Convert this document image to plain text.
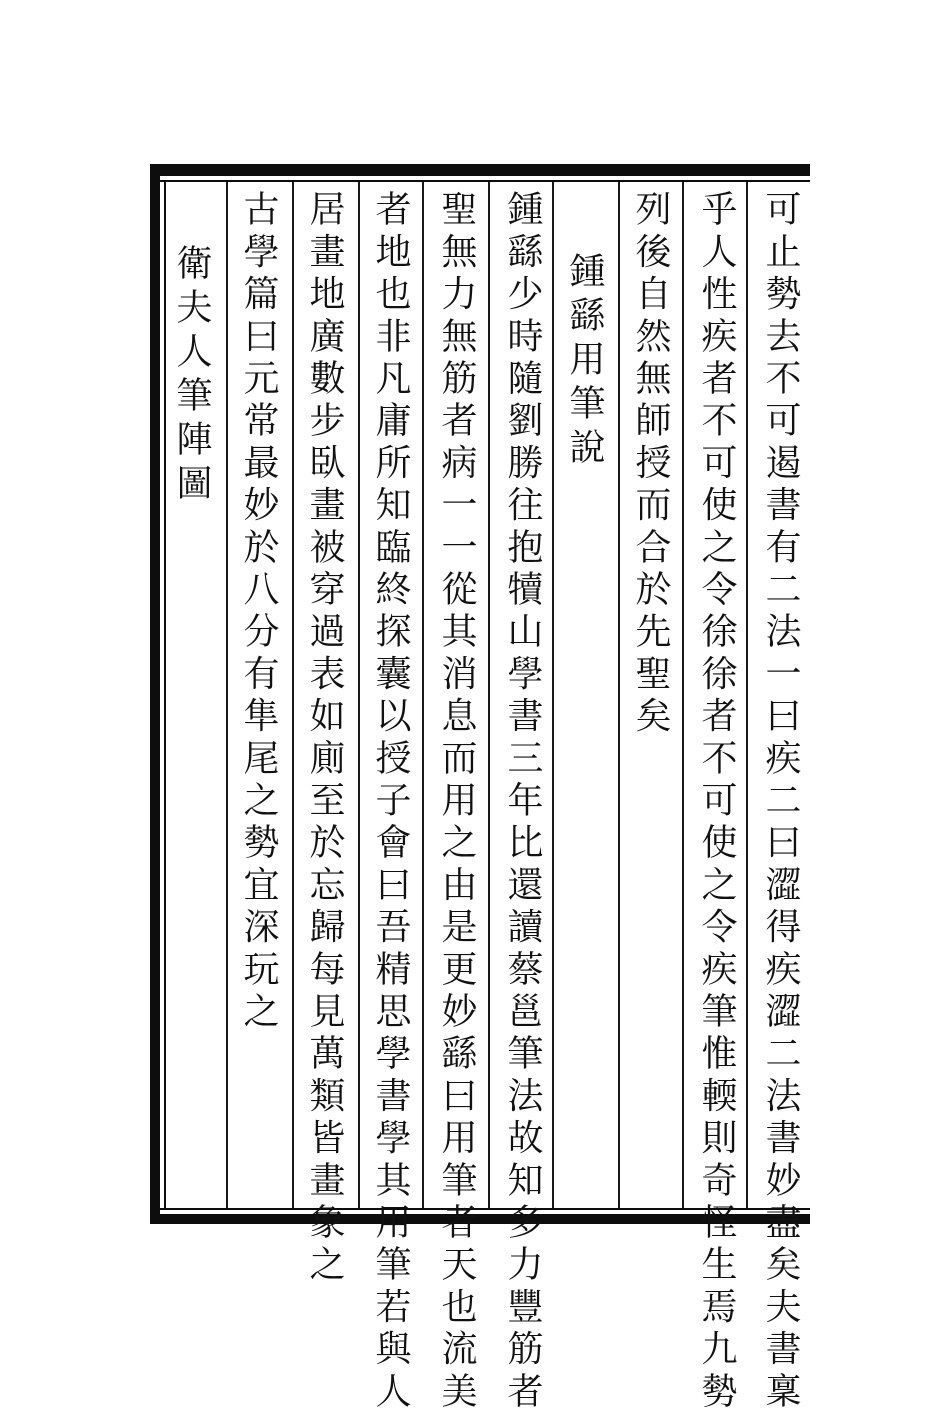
可止勢去不可遏書有二法一曰疾二曰澀得疾澀二法書妙盡矣夫書稟
乎人性疾者不可使之令徐徐者不可使之令疾筆惟輭則奇怪生焉九勢
列後自然無師授而合於先聖矣
鍾繇用筆說
鍾繇少時隨劉勝往抱犢山學書三年比還讀蔡邕筆法故知多力豐筋者
聖無力無筋者病一一從其消息而用之由是更妙繇曰用筆者天也流美
者地也非凡庸所知臨終探囊以授子會曰吾精思學書學其用筆若與人
居畫地廣數步臥畫被穿過表如廁至於忘歸每見萬類皆畫象之
古學篇曰元常最妙於八分有隼尾之勢宜深玩之
衛夫人筆陣圖
